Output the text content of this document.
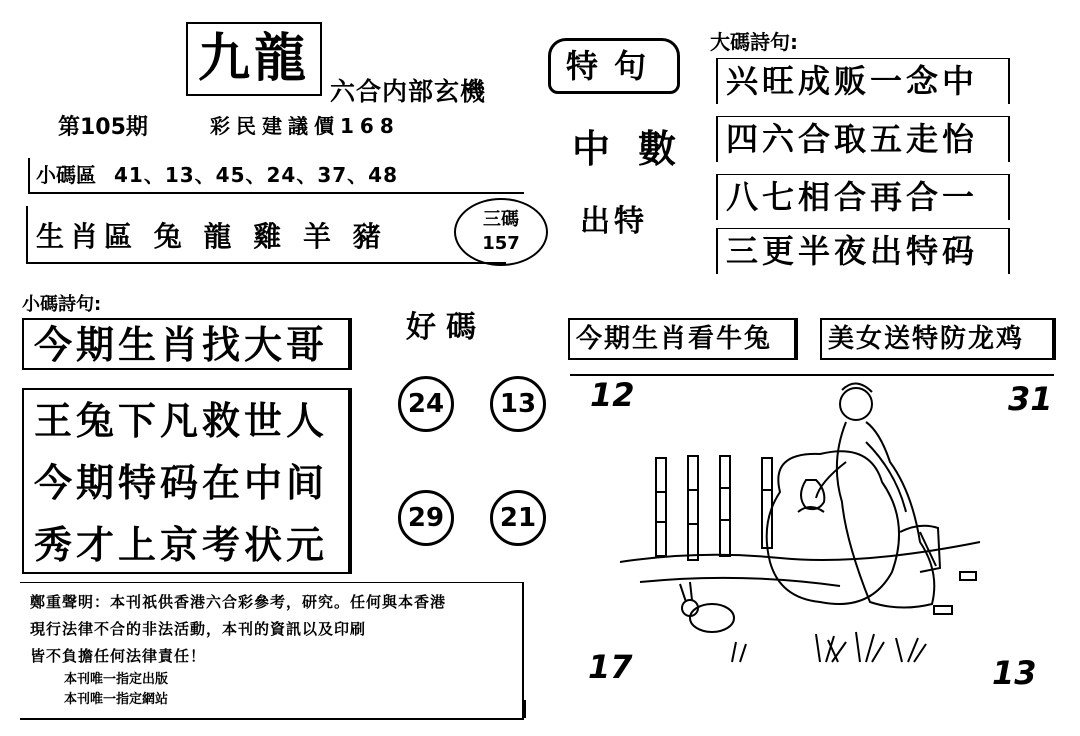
九龍
六合内部玄機
第105期	彩民建議價168
小碼區 41、13、45、24、37、48
生肖區 兔 龍 雞 羊 豬
三碼
157
小碼詩句:
今期生肖找大哥
王兔下凡救世人
今期特码在中间
秀才上京考状元
好碼
24	13
29	21
特句
中 數
出特
大碼詩句:
兴旺成贩一念中
四六合取五走怡
八七相合再合一
三更半夜出特码
今期生肖看牛兔	美女送特防龙鸡
12	31
17	13
鄭重聲明：本刊祇供香港六合彩參考，研究。任何與本香港
現行法律不合的非法活動，本刊的資訊以及印刷
皆不負擔任何法律責任！
本刊唯一指定出版
本刊唯一指定網站
